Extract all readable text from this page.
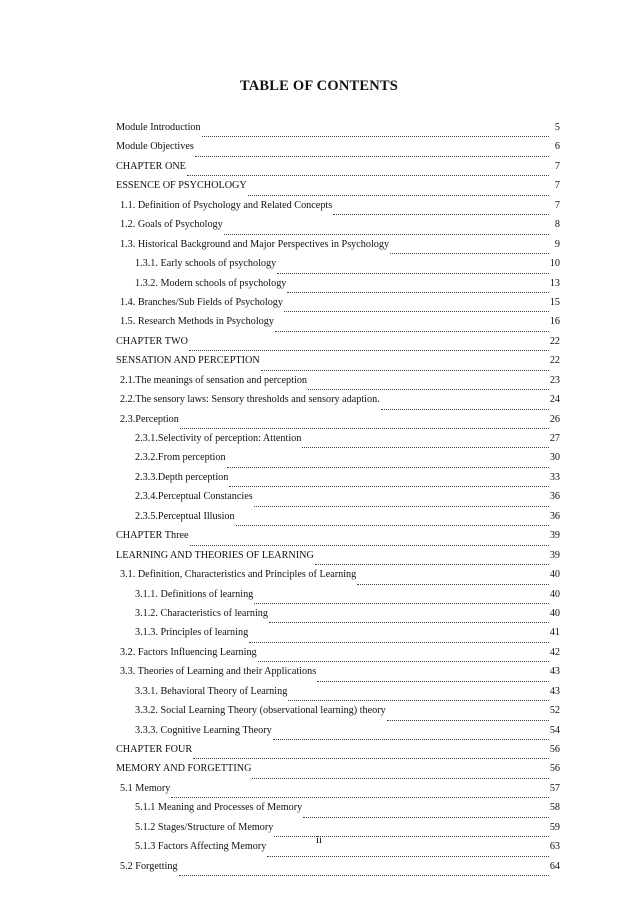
TABLE OF CONTENTS
Module Introduction	5
Module Objectives	6
CHAPTER ONE	7
ESSENCE OF PSYCHOLOGY	7
1.1. Definition of Psychology and Related Concepts	7
1.2. Goals of Psychology	8
1.3. Historical Background and Major Perspectives in Psychology	9
1.3.1. Early schools of psychology	10
1.3.2. Modern schools of psychology	13
1.4. Branches/Sub Fields of Psychology	15
1.5. Research Methods in Psychology	16
CHAPTER TWO	22
SENSATION AND PERCEPTION	22
2.1.The meanings of sensation and perception	23
2.2.The sensory laws: Sensory thresholds and sensory adaption.	24
2.3.Perception	26
2.3.1.Selectivity of perception: Attention	27
2.3.2.From perception	30
2.3.3.Depth perception	33
2.3.4.Perceptual Constancies	36
2.3.5.Perceptual Illusion	36
CHAPTER Three	39
LEARNING AND THEORIES OF LEARNING	39
3.1. Definition, Characteristics and Principles of Learning	40
3.1.1. Definitions of learning	40
3.1.2. Characteristics of learning	40
3.1.3. Principles of learning	41
3.2. Factors Influencing Learning	42
3.3. Theories of Learning and their Applications	43
3.3.1. Behavioral Theory of Learning	43
3.3.2. Social Learning Theory (observational learning) theory	52
3.3.3. Cognitive Learning Theory	54
CHAPTER FOUR	56
MEMORY AND FORGETTING	56
5.1 Memory	57
5.1.1 Meaning and Processes of Memory	58
5.1.2 Stages/Structure of Memory	59
5.1.3 Factors Affecting Memory	63
5.2 Forgetting	64
ii
